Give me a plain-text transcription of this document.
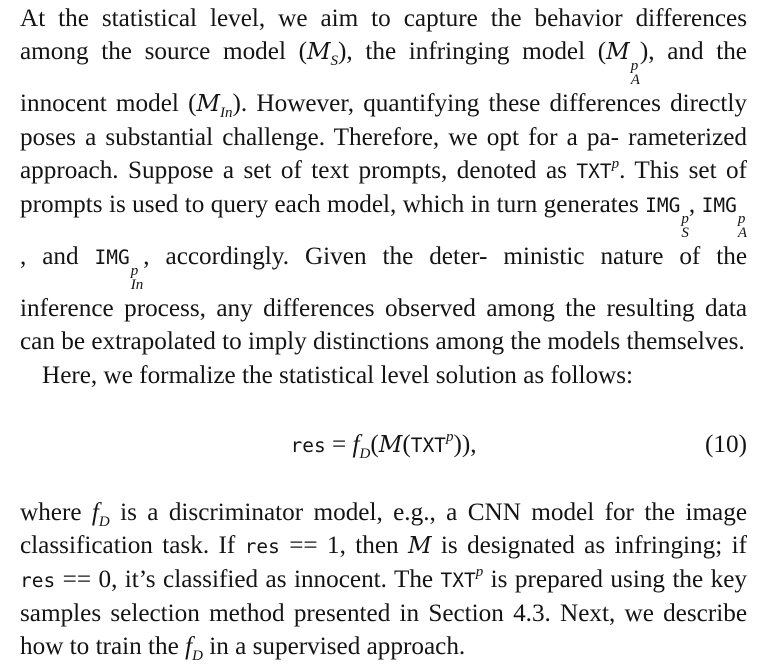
At the statistical level, we aim to capture the behavior differences among the source model $(M_S)$, the infringing model (M
p
A
), and the innocent model $(M_{In})$. However, quantifying these differences directly poses a substantial challenge. Therefore, we opt for a pa- rameterized approach. Suppose a set of text prompts, denoted as TXT$^p$. This set of prompts is used to query each model, which in turn generates IMG
p
S
, IMG
p
A
, and IMG
p
In
, accordingly. Given the deter- ministic nature of the inference process, any differences observed among the resulting data can be extrapolated to imply distinctions among the models themselves.

Here, we formalize the statistical level solution as follows:

res = $f_D(M(TXT^p))$,	(10)

where $f_D$ is a discriminator model, e.g., a CNN model for the image classification task. If res == 1, then M is designated as infringing; if res == 0, it’s classified as innocent. The TXT$^p$ is prepared using the key samples selection method presented in Section 4.3. Next, we describe how to train the $f_D$ in a supervised approach.
